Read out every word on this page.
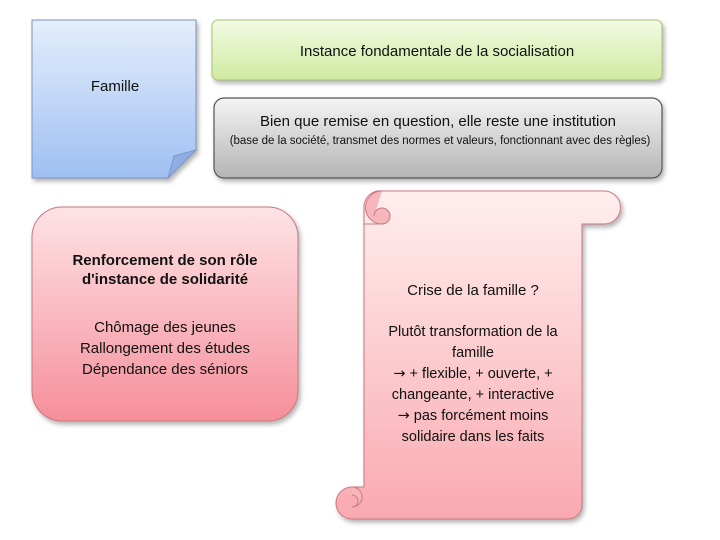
Famille
Instance fondamentale de la socialisation
Bien que remise en question, elle reste une institution
(base de la société, transmet des normes et valeurs, fonctionnant avec des règles)
Renforcement de son rôle d'instance de solidarité
Chômage des jeunes
Rallongement des études
Dépendance des séniors
Crise de la famille ?
Plutôt transformation de la famille
→ + flexible, + ouverte, + changeante, + interactive
→ pas forcément moins solidaire dans les faits
